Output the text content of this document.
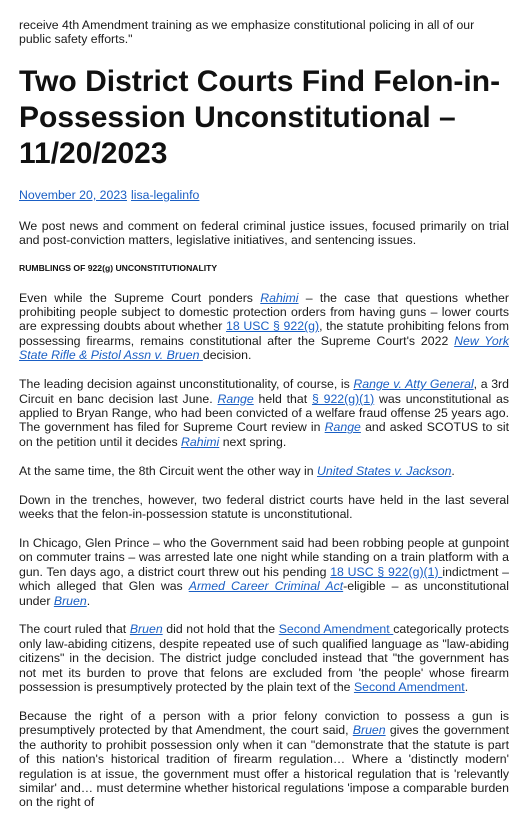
receive 4th Amendment training as we emphasize constitutional policing in all of our public safety efforts."

Two District Courts Find Felon-in-Possession Unconstitutional – 11/20/2023
November 20, 2023 lisa-legalinfo

We post news and comment on federal criminal justice issues, focused primarily on trial and post-conviction matters, legislative initiatives, and sentencing issues.

RUMBLINGS OF 922(g) UNCONSTITUTIONALITY

Even while the Supreme Court ponders Rahimi – the case that questions whether prohibiting people subject to domestic protection orders from having guns – lower courts are expressing doubts about whether 18 USC § 922(g), the statute prohibiting felons from possessing firearms, remains constitutional after the Supreme Court's 2022 New York State Rifle & Pistol Assn v. Bruen decision.

The leading decision against unconstitutionality, of course, is Range v. Atty General, a 3rd Circuit en banc decision last June. Range held that § 922(g)(1) was unconstitutional as applied to Bryan Range, who had been convicted of a welfare fraud offense 25 years ago. The government has filed for Supreme Court review in Range and asked SCOTUS to sit on the petition until it decides Rahimi next spring.

At the same time, the 8th Circuit went the other way in United States v. Jackson.

Down in the trenches, however, two federal district courts have held in the last several weeks that the felon-in-possession statute is unconstitutional.

In Chicago, Glen Prince – who the Government said had been robbing people at gunpoint on commuter trains – was arrested late one night while standing on a train platform with a gun. Ten days ago, a district court threw out his pending 18 USC § 922(g)(1) indictment – which alleged that Glen was Armed Career Criminal Act-eligible – as unconstitutional under Bruen.

The court ruled that Bruen did not hold that the Second Amendment categorically protects only law-abiding citizens, despite repeated use of such qualified language as "law-abiding citizens" in the decision. The district judge concluded instead that "the government has not met its burden to prove that felons are excluded from 'the people' whose firearm possession is presumptively protected by the plain text of the Second Amendment.

Because the right of a person with a prior felony conviction to possess a gun is presumptively protected by that Amendment, the court said, Bruen gives the government the authority to prohibit possession only when it can "demonstrate that the statute is part of this nation's historical tradition of firearm regulation… Where a 'distinctly modern' regulation is at issue, the government must offer a historical regulation that is 'relevantly similar' and… must determine whether historical regulations 'impose a comparable burden on the right of
